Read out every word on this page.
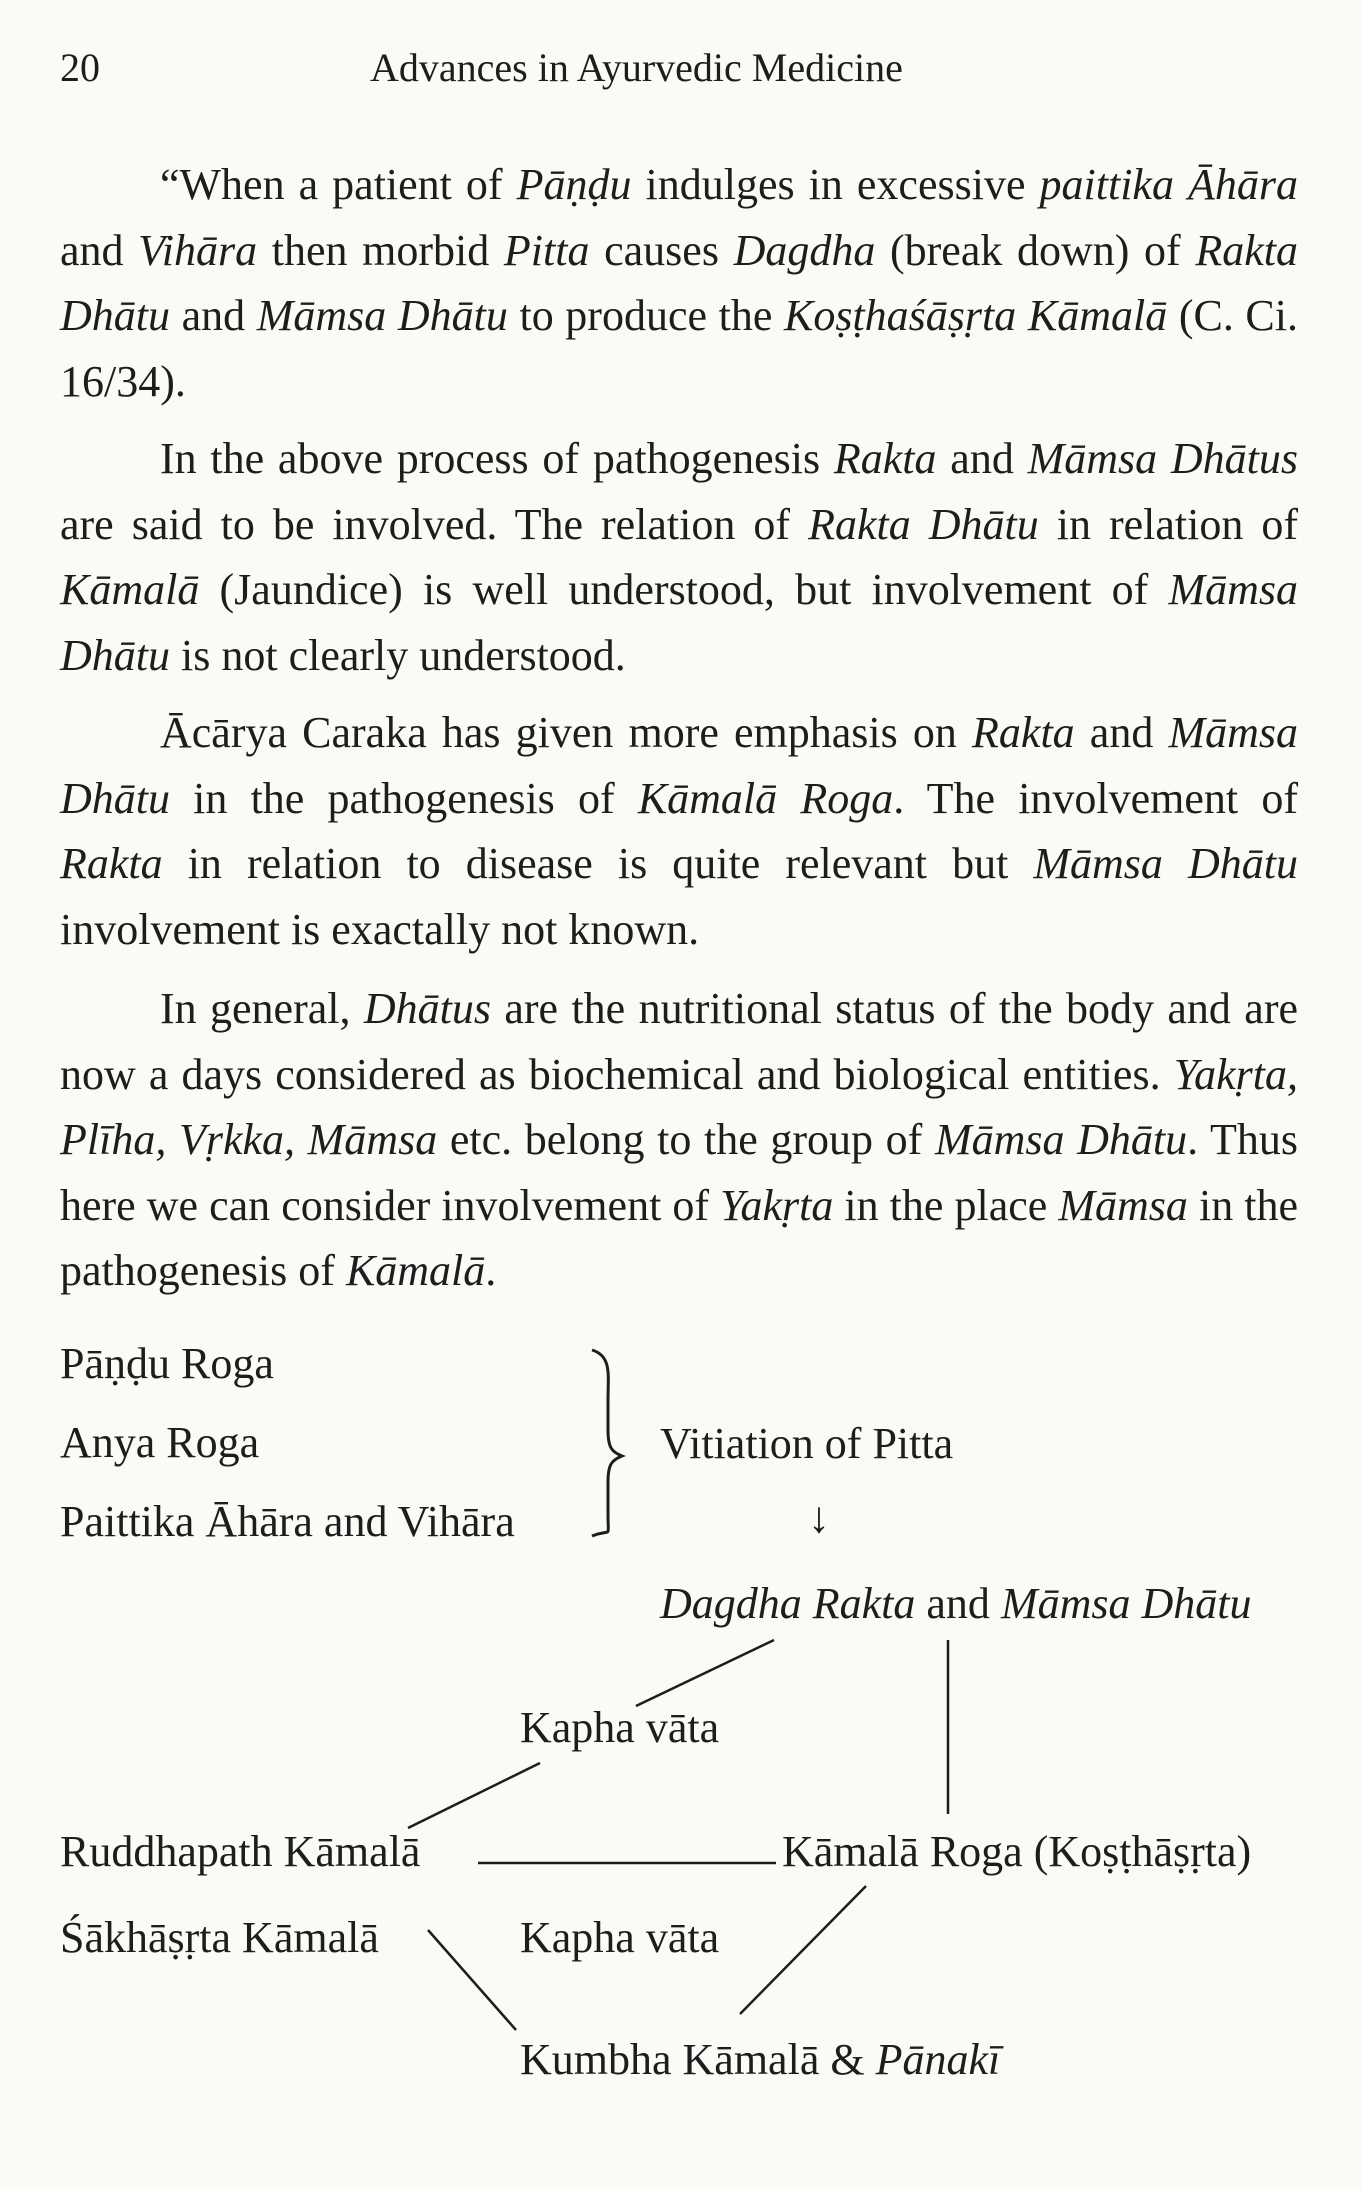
20	Advances in Ayurvedic Medicine

“When a patient of Pāṇḍu indulges in excessive paittika Āhāra and Vihāra then morbid Pitta causes Dagdha (break down) of Rakta Dhātu and Māmsa Dhātu to produce the Koṣṭhaśāṣṛta Kāmalā (C. Ci. 16/34).

In the above process of pathogenesis Rakta and Māmsa Dhātus are said to be involved. The relation of Rakta Dhātu in relation of Kāmalā (Jaundice) is well understood, but involvement of Māmsa Dhātu is not clearly understood.

Ācārya Caraka has given more emphasis on Rakta and Māmsa Dhātu in the pathogenesis of Kāmalā Roga. The involvement of Rakta in relation to disease is quite relevant but Māmsa Dhātu involvement is exactally not known.

In general, Dhātus are the nutritional status of the body and are now a days considered as biochemical and biological entities. Yakṛta, Plīha, Vṛkka, Māmsa etc. belong to the group of Māmsa Dhātu. Thus here we can consider involvement of Yakṛta in the place Māmsa in the pathogenesis of Kāmalā.

Pāṇḍu Roga
Anya Roga
Paittika Āhāra and Vihāra
Vitiation of Pitta
↓
Dagdha Rakta and Māmsa Dhātu
Kapha vāta
Ruddhapath Kāmalā	Kāmalā Roga (Koṣṭhāṣṛta)
Śākhāṣṛta Kāmalā	Kapha vāta
Kumbha Kāmalā & Pānakī
